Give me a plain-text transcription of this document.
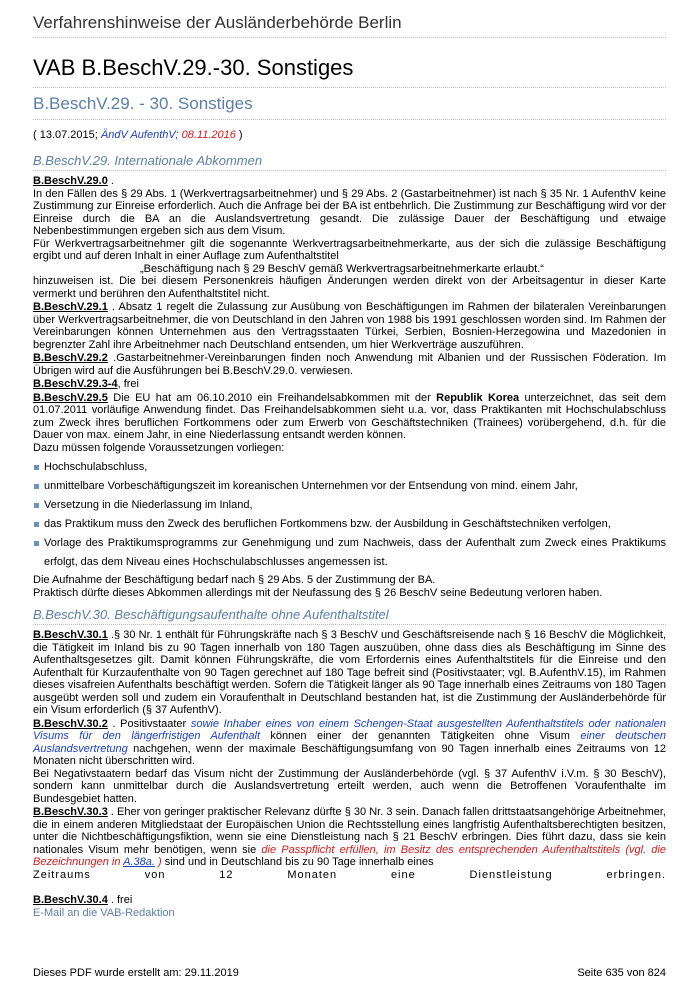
Verfahrenshinweise der Ausländerbehörde Berlin
VAB B.BeschV.29.-30. Sonstiges
B.BeschV.29. - 30. Sonstiges
( 13.07.2015; ÄndV AufenthV; 08.11.2016 )
B.BeschV.29. Internationale Abkommen

B.BeschV.29.0 .

In den Fällen des § 29 Abs. 1 (Werkvertragsarbeitnehmer) und § 29 Abs. 2 (Gastarbeitnehmer) ist nach § 35 Nr. 1 AufenthV keine Zustimmung zur Einreise erforderlich. Auch die Anfrage bei der BA ist entbehrlich. Die Zustimmung zur Beschäftigung wird vor der Einreise durch die BA an die Auslandsvertretung gesandt. Die zulässige Dauer der Beschäftigung und etwaige Nebenbestimmungen ergeben sich aus dem Visum.

Für Werkvertragsarbeitnehmer gilt die sogenannte Werkvertragsarbeitnehmerkarte, aus der sich die zulässige Beschäftigung ergibt und auf deren Inhalt in einer Auflage zum Aufenthaltstitel

„Beschäftigung nach § 29 BeschV gemäß Werkvertragsarbeitnehmerkarte erlaubt.“

hinzuweisen ist. Die bei diesem Personenkreis häufigen Änderungen werden direkt von der Arbeitsagentur in dieser Karte vermerkt und berühren den Aufenthaltstitel nicht.

B.BeschV.29.1 . Absatz 1 regelt die Zulassung zur Ausübung von Beschäftigungen im Rahmen der bilateralen Vereinbarungen über Werkvertragsarbeitnehmer, die von Deutschland in den Jahren von 1988 bis 1991 geschlossen worden sind. Im Rahmen der Vereinbarungen können Unternehmen aus den Vertragsstaaten Türkei, Serbien, Bosnien-Herzegowina und Mazedonien in begrenzter Zahl ihre Arbeitnehmer nach Deutschland entsenden, um hier Werkverträge auszuführen.

B.BeschV.29.2 .Gastarbeitnehmer-Vereinbarungen finden noch Anwendung mit Albanien und der Russischen Föderation. Im Übrigen wird auf die Ausführungen bei B.BeschV.29.0. verwiesen.

B.BeschV.29.3-4, frei

B.BeschV.29.5 Die EU hat am 06.10.2010 ein Freihandelsabkommen mit der Republik Korea unterzeichnet, das seit dem 01.07.2011 vorläufige Anwendung findet. Das Freihandelsabkommen sieht u.a. vor, dass Praktikanten mit Hochschulabschluss zum Zweck ihres beruflichen Fortkommens oder zum Erwerb von Geschäftstechniken (Trainees) vorübergehend, d.h. für die Dauer von max. einem Jahr, in eine Niederlassung entsandt werden können.

Dazu müssen folgende Voraussetzungen vorliegen:

Hochschulabschluss,
unmittelbare Vorbeschäftigungszeit im koreanischen Unternehmen vor der Entsendung von mind. einem Jahr,
Versetzung in die Niederlassung im Inland,
das Praktikum muss den Zweck des beruflichen Fortkommens bzw. der Ausbildung in Geschäftstechniken verfolgen,
Vorlage des Praktikumsprogramms zur Genehmigung und zum Nachweis, dass der Aufenthalt zum Zweck eines Praktikums erfolgt, das dem Niveau eines Hochschulabschlusses angemessen ist.

Die Aufnahme der Beschäftigung bedarf nach § 29 Abs. 5 der Zustimmung der BA.

Praktisch dürfte dieses Abkommen allerdings mit der Neufassung des § 26 BeschV seine Bedeutung verloren haben.

B.BeschV.30. Beschäftigungsaufenthalte ohne Aufenthaltstitel

B.BeschV.30.1 .§ 30 Nr. 1 enthält für Führungskräfte nach § 3 BeschV und Geschäftsreisende nach § 16 BeschV die Möglichkeit, die Tätigkeit im Inland bis zu 90 Tagen innerhalb von 180 Tagen auszuüben, ohne dass dies als Beschäftigung im Sinne des Aufenthaltsgesetzes gilt. Damit können Führungskräfte, die vom Erfordernis eines Aufenthaltstitels für die Einreise und den Aufenthalt für Kurzaufenthalte von 90 Tagen gerechnet auf 180 Tage befreit sind (Positivstaater; vgl. B.AufenthV.15), im Rahmen dieses visafreien Aufenthalts beschäftigt werden. Sofern die Tätigkeit länger als 90 Tage innerhalb eines Zeitraums von 180 Tagen ausgeübt werden soll und zudem ein Voraufenthalt in Deutschland bestanden hat, ist die Zustimmung der Ausländerbehörde für ein Visum erforderlich (§ 37 AufenthV).

B.BeschV.30.2 . Positivstaater sowie Inhaber eines von einem Schengen-Staat ausgestellten Aufenthaltstitels oder nationalen Visums für den längerfristigen Aufenthalt können einer der genannten Tätigkeiten ohne Visum einer deutschen Auslandsvertretung nachgehen, wenn der maximale Beschäftigungsumfang von 90 Tagen innerhalb eines Zeitraums von 12 Monaten nicht überschritten wird.

Bei Negativstaatern bedarf das Visum nicht der Zustimmung der Ausländerbehörde (vgl. § 37 AufenthV i.V.m. § 30 BeschV), sondern kann unmittelbar durch die Auslandsvertretung erteilt werden, auch wenn die Betroffenen Voraufenthalte im Bundesgebiet hatten.

B.BeschV.30.3 . Eher von geringer praktischer Relevanz dürfte § 30 Nr. 3 sein. Danach fallen drittstaatsangehörige Arbeitnehmer, die in einem anderen Mitgliedstaat der Europäischen Union die Rechtsstellung eines langfristig Aufenthaltsberechtigten besitzen, unter die Nichtbeschäftigungsfiktion, wenn sie eine Dienstleistung nach § 21 BeschV erbringen. Dies führt dazu, dass sie kein nationales Visum mehr benötigen, wenn sie die Passpflicht erfüllen, im Besitz des entsprechenden Aufenthaltstitels (vgl. die Bezeichnungen in A.38a. ) sind und in Deutschland bis zu 90 Tage innerhalb eines

Zeitraums von 12 Monaten eine Dienstleistung erbringen.

B.BeschV.30.4 . frei

E-Mail an die VAB-Redaktion
Dieses PDF wurde erstellt am: 29.11.2019	Seite 635 von 824
